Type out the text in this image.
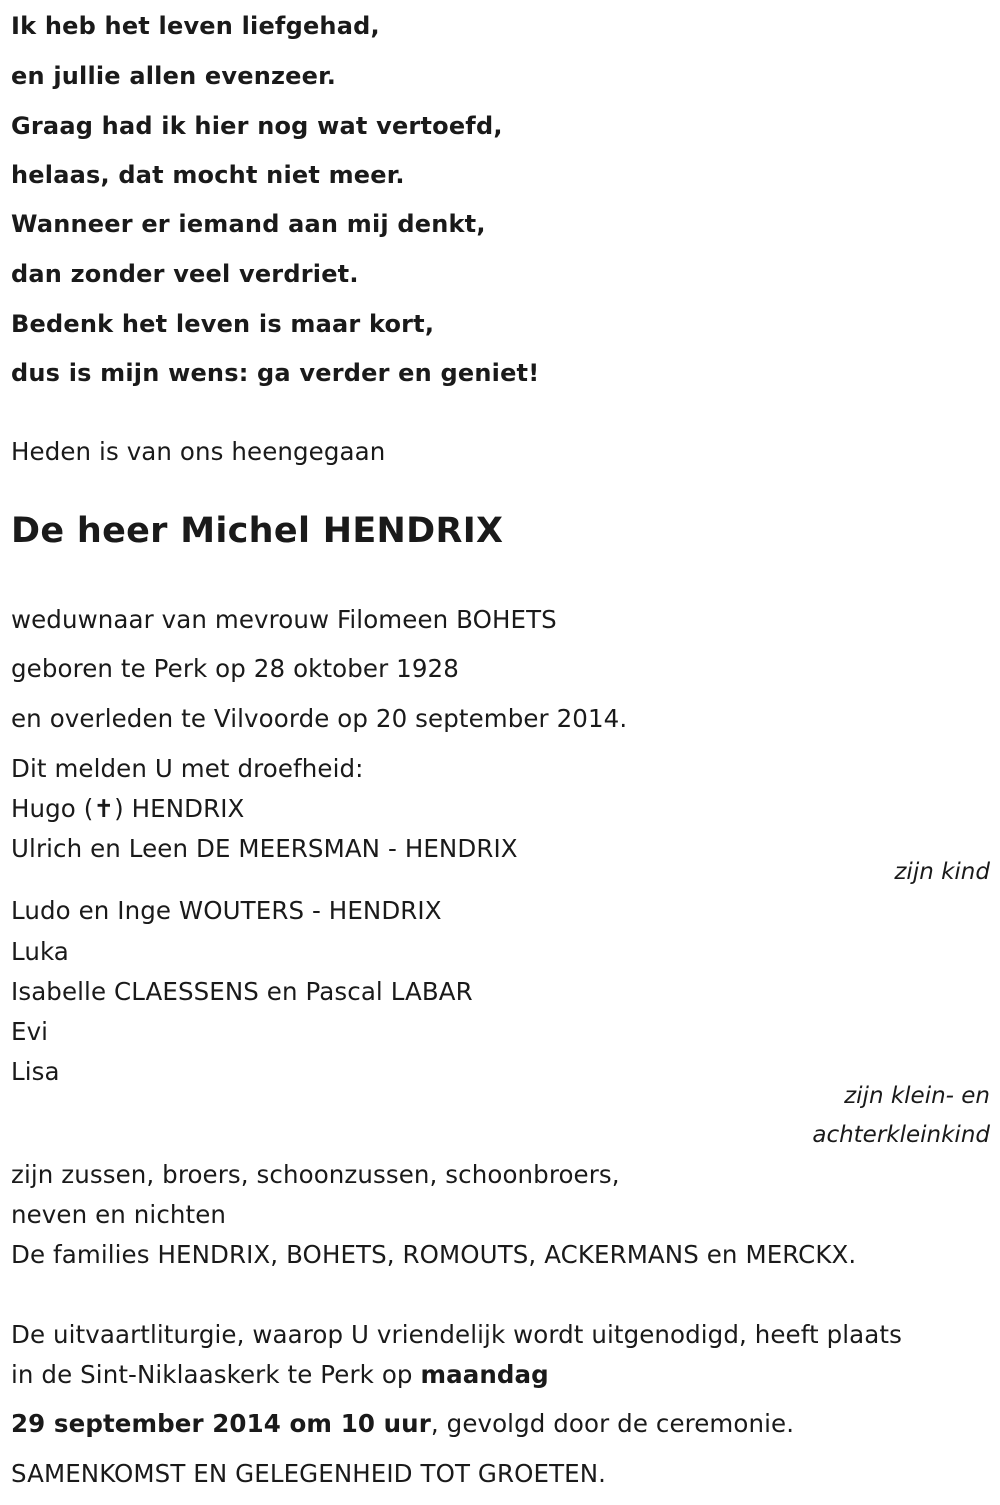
Ik heb het leven liefgehad,
en jullie allen evenzeer.
Graag had ik hier nog wat vertoefd,
helaas, dat mocht niet meer.
Wanneer er iemand aan mij denkt,
dan zonder veel verdriet.
Bedenk het leven is maar kort,
dus is mijn wens: ga verder en geniet!
Heden is van ons heengegaan
De heer Michel HENDRIX
weduwnaar van mevrouw Filomeen BOHETS
geboren te Perk op 28 oktober 1928
en overleden te Vilvoorde op 20 september 2014.
Dit melden U met droefheid:
Hugo (✝) HENDRIX
Ulrich en Leen DE MEERSMAN - HENDRIX
zijn kind
Ludo en Inge WOUTERS - HENDRIX
Luka
Isabelle CLAESSENS en Pascal LABAR
Evi
Lisa
zijn klein- en
achterkleinkind
zijn zussen, broers, schoonzussen, schoonbroers,
neven en nichten
De families HENDRIX, BOHETS, ROMOUTS, ACKERMANS en MERCKX.
De uitvaartliturgie, waarop U vriendelijk wordt uitgenodigd, heeft plaats
in de Sint-Niklaaskerk te Perk op maandag
29 september 2014 om 10 uur, gevolgd door de ceremonie.
SAMENKOMST EN GELEGENHEID TOT GROETEN.
